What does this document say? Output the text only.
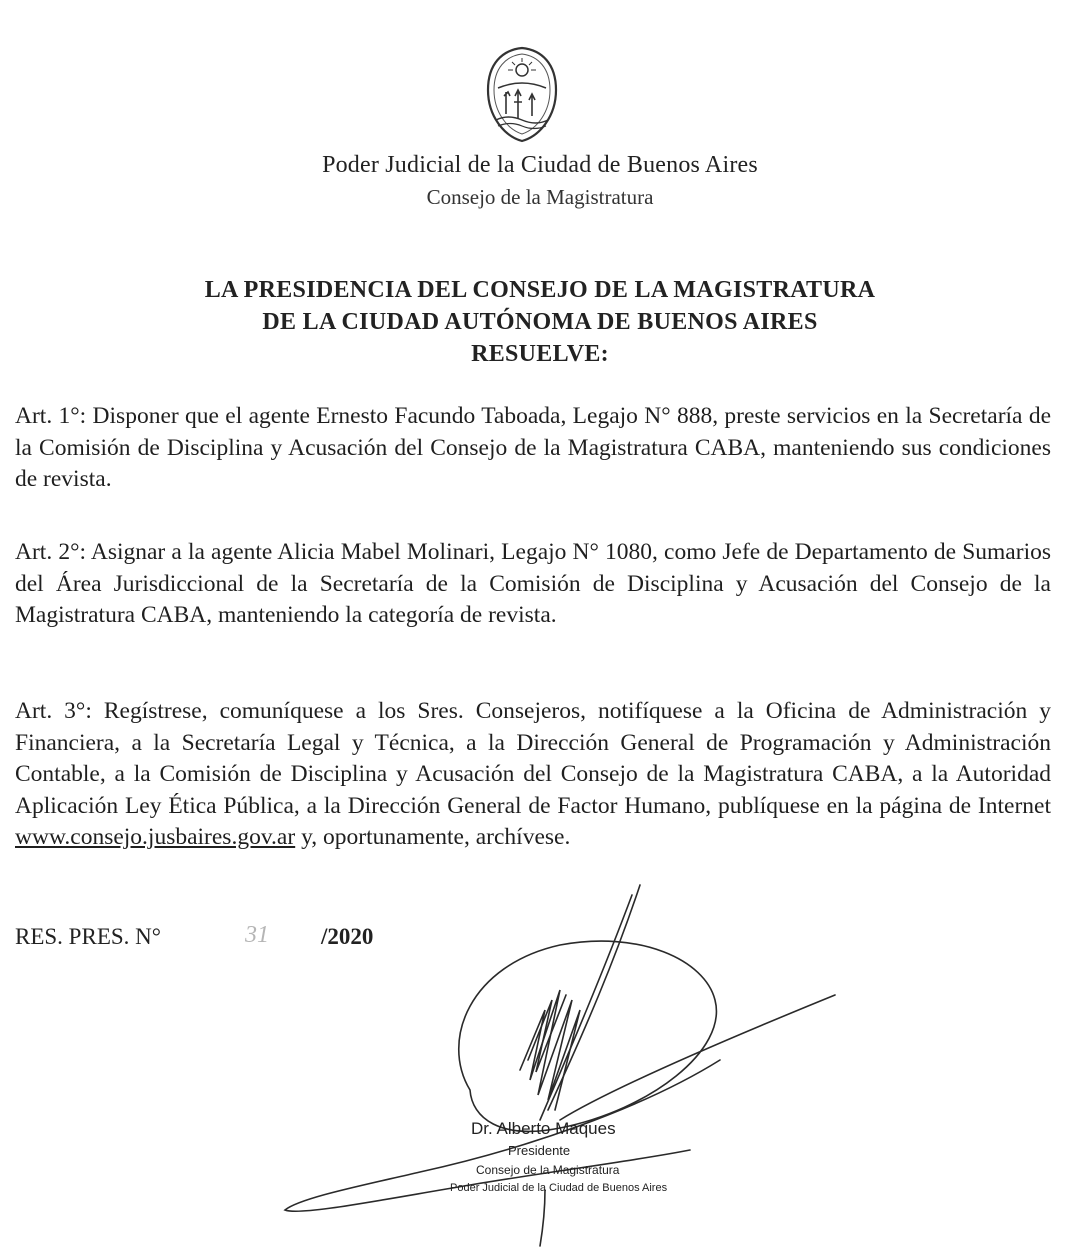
Poder Judicial de la Ciudad de Buenos Aires
Consejo de la Magistratura
LA PRESIDENCIA DEL CONSEJO DE LA MAGISTRATURA
DE LA CIUDAD AUTÓNOMA DE BUENOS AIRES
RESUELVE:
Art. 1°: Disponer que el agente Ernesto Facundo Taboada, Legajo N° 888, preste servicios en la Secretaría de la Comisión de Disciplina y Acusación del Consejo de la Magistratura CABA, manteniendo sus condiciones de revista.
Art. 2°: Asignar a la agente Alicia Mabel Molinari, Legajo N° 1080, como Jefe de Departamento de Sumarios del Área Jurisdiccional de la Secretaría de la Comisión de Disciplina y Acusación del Consejo de la Magistratura CABA, manteniendo la categoría de revista.
Art. 3°: Regístrese, comuníquese a los Sres. Consejeros, notifíquese a la Oficina de Administración y Financiera, a la Secretaría Legal y Técnica, a la Dirección General de Programación y Administración Contable, a la Comisión de Disciplina y Acusación del Consejo de la Magistratura CABA, a la Autoridad Aplicación Ley Ética Pública, a la Dirección General de Factor Humano, publíquese en la página de Internet www.consejo.jusbaires.gov.ar y, oportunamente, archívese.
RES. PRES. N°	31 /2020
Dr. Alberto Maques
Presidente
Consejo de la Magistratura
Poder Judicial de la Ciudad de Buenos Aires
